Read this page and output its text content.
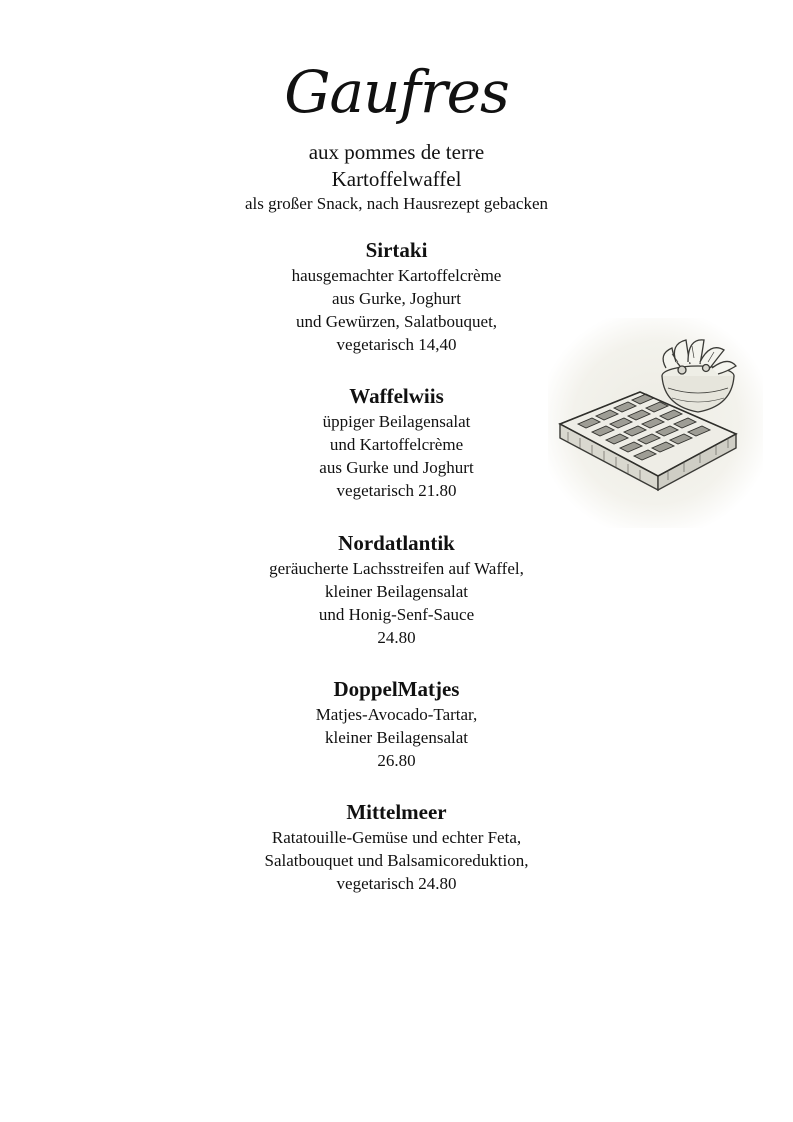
Gaufres
aux pommes de terre
Kartoffelwaffel
als großer Snack, nach Hausrezept gebacken

Sirtaki

hausgemachter Kartoffelcrème

aus Gurke, Joghurt

und Gewürzen, Salatbouquet,

vegetarisch 14,40

Waffelwiis

üppiger Beilagensalat

und Kartoffelcrème

aus Gurke und Joghurt

vegetarisch 21.80

Nordatlantik

geräucherte Lachsstreifen auf Waffel,

kleiner Beilagensalat

und Honig-Senf-Sauce

24.80

DoppelMatjes

Matjes-Avocado-Tartar,

kleiner Beilagensalat

26.80

Mittelmeer

Ratatouille-Gemüse und echter Feta,

Salatbouquet und Balsamicoreduktion,

vegetarisch 24.80
